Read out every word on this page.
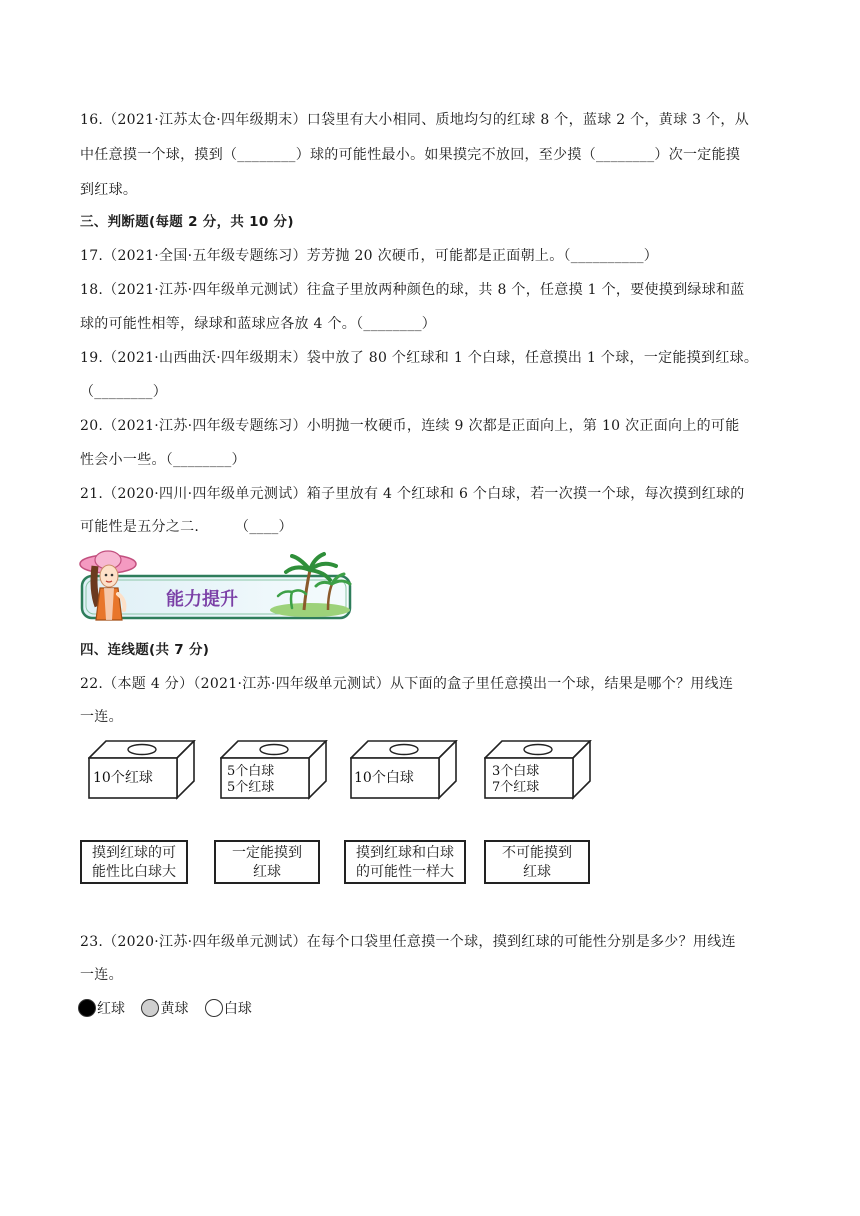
16.（2021·江苏太仓·四年级期末）口袋里有大小相同、质地均匀的红球 8 个，蓝球 2 个，黄球 3 个，从
中任意摸一个球，摸到（________）球的可能性最小。如果摸完不放回，至少摸（________）次一定能摸
到红球。
三、判断题(每题 2 分，共 10 分)
17.（2021·全国·五年级专题练习）芳芳抛 20 次硬币，可能都是正面朝上。（__________）
18.（2021·江苏·四年级单元测试）往盒子里放两种颜色的球，共 8 个，任意摸 1 个，要使摸到绿球和蓝
球的可能性相等，绿球和蓝球应各放 4 个。（________）
19.（2021·山西曲沃·四年级期末）袋中放了 80 个红球和 1 个白球，任意摸出 1 个球，一定能摸到红球。
（________）
20.（2021·江苏·四年级专题练习）小明抛一枚硬币，连续 9 次都是正面向上，第 10 次正面向上的可能
性会小一些。（________）
21.（2020·四川·四年级单元测试）箱子里放有 4 个红球和 6 个白球，若一次摸一个球，每次摸到红球的
可能性是五分之二.　　　（____）
能力提升
四、连线题(共 7 分)
22.（本题 4 分）（2021·江苏·四年级单元测试）从下面的盒子里任意摸出一个球，结果是哪个？用线连
一连。
10个红球	5个白球
5个红球
10个白球	3个白球
7个红球
摸到红球的可
能性比白球大
一定能摸到
红球
摸到红球和白球
的可能性一样大
不可能摸到
红球
23.（2020·江苏·四年级单元测试）在每个口袋里任意摸一个球，摸到红球的可能性分别是多少？用线连
一连。
红球
	黄球
	白球
